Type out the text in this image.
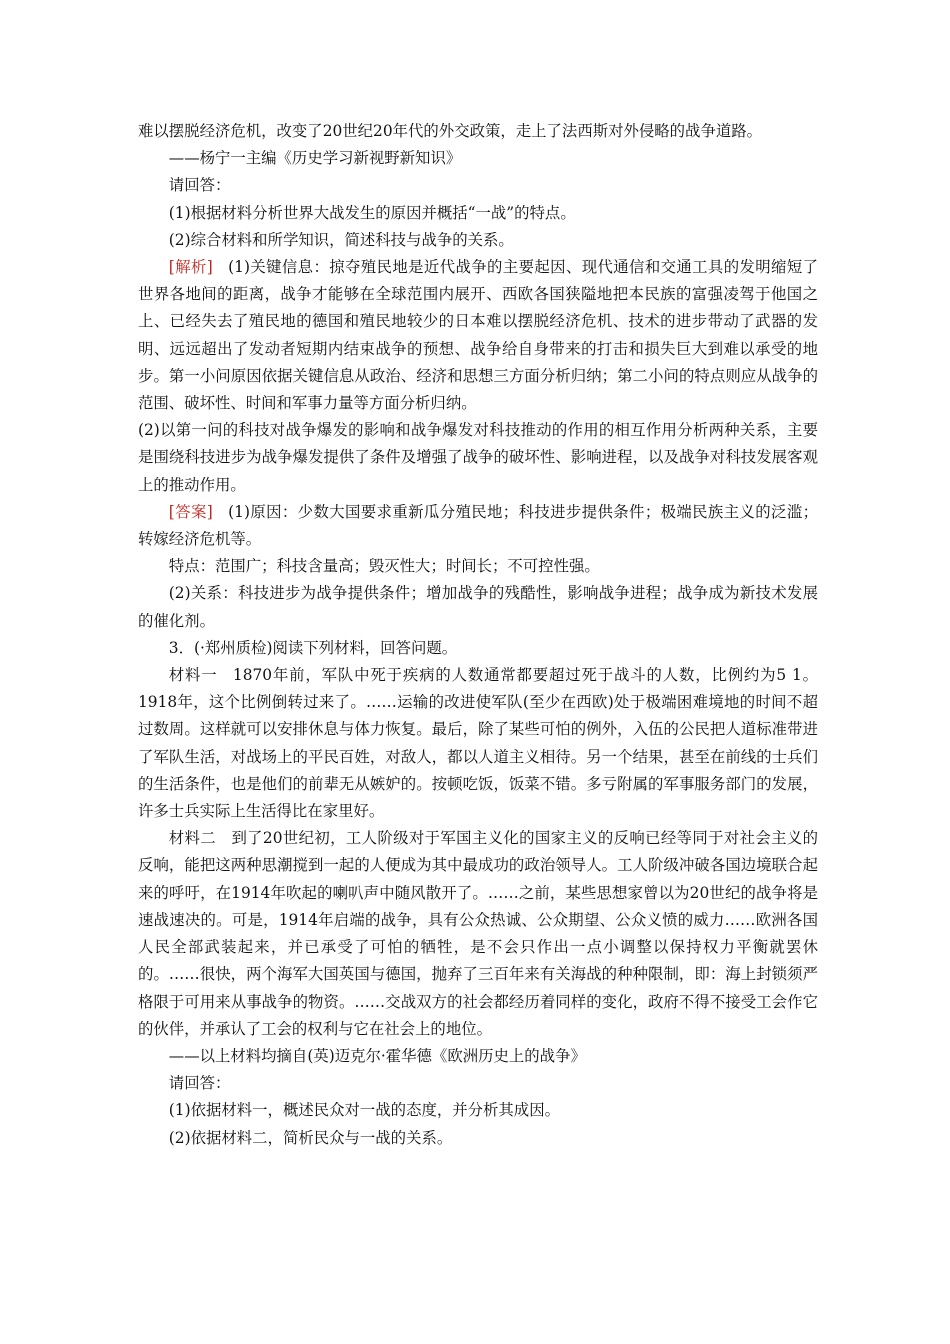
难以摆脱经济危机，改变了20世纪20年代的外交政策，走上了法西斯对外侵略的战争道路。

——杨宁一主编《历史学习新视野新知识》

请回答：

(1)根据材料分析世界大战发生的原因并概括“一战”的特点。

(2)综合材料和所学知识，简述科技与战争的关系。

[解析] (1)关键信息：掠夺殖民地是近代战争的主要起因、现代通信和交通工具的发明缩短了世界各地间的距离，战争才能够在全球范围内展开、西欧各国狭隘地把本民族的富强凌驾于他国之上、已经失去了殖民地的德国和殖民地较少的日本难以摆脱经济危机、技术的进步带动了武器的发明、远远超出了发动者短期内结束战争的预想、战争给自身带来的打击和损失巨大到难以承受的地步。第一小问原因依据关键信息从政治、经济和思想三方面分析归纳；第二小问的特点则应从战争的范围、破坏性、时间和军事力量等方面分析归纳。

(2)以第一问的科技对战争爆发的影响和战争爆发对科技推动的作用的相互作用分析两种关系，主要是围绕科技进步为战争爆发提供了条件及增强了战争的破坏性、影响进程，以及战争对科技发展客观上的推动作用。

[答案] (1)原因：少数大国要求重新瓜分殖民地；科技进步提供条件；极端民族主义的泛滥；转嫁经济危机等。

特点：范围广；科技含量高；毁灭性大；时间长；不可控性强。

(2)关系：科技进步为战争提供条件；增加战争的残酷性，影响战争进程；战争成为新技术发展的催化剂。

3．(·郑州质检)阅读下列材料，回答问题。

材料一 1870年前，军队中死于疾病的人数通常都要超过死于战斗的人数，比例约为5 1。1918年，这个比例倒转过来了。……运输的改进使军队(至少在西欧)处于极端困难境地的时间不超过数周。这样就可以安排休息与体力恢复。最后，除了某些可怕的例外，入伍的公民把人道标准带进了军队生活，对战场上的平民百姓，对敌人，都以人道主义相待。另一个结果，甚至在前线的士兵们的生活条件，也是他们的前辈无从嫉妒的。按顿吃饭，饭菜不错。多亏附属的军事服务部门的发展，许多士兵实际上生活得比在家里好。

材料二 到了20世纪初，工人阶级对于军国主义化的国家主义的反响已经等同于对社会主义的反响，能把这两种思潮搅到一起的人便成为其中最成功的政治领导人。工人阶级冲破各国边境联合起来的呼吁，在1914年吹起的喇叭声中随风散开了。……之前，某些思想家曾以为20世纪的战争将是速战速决的。可是，1914年启端的战争，具有公众热诚、公众期望、公众义愤的威力……欧洲各国人民全部武装起来，并已承受了可怕的牺牲，是不会只作出一点小调整以保持权力平衡就罢休的。……很快，两个海军大国英国与德国，抛弃了三百年来有关海战的种种限制，即：海上封锁须严格限于可用来从事战争的物资。……交战双方的社会都经历着同样的变化，政府不得不接受工会作它的伙伴，并承认了工会的权利与它在社会上的地位。

——以上材料均摘自(英)迈克尔·霍华德《欧洲历史上的战争》

请回答：

(1)依据材料一，概述民众对一战的态度，并分析其成因。

(2)依据材料二，简析民众与一战的关系。
